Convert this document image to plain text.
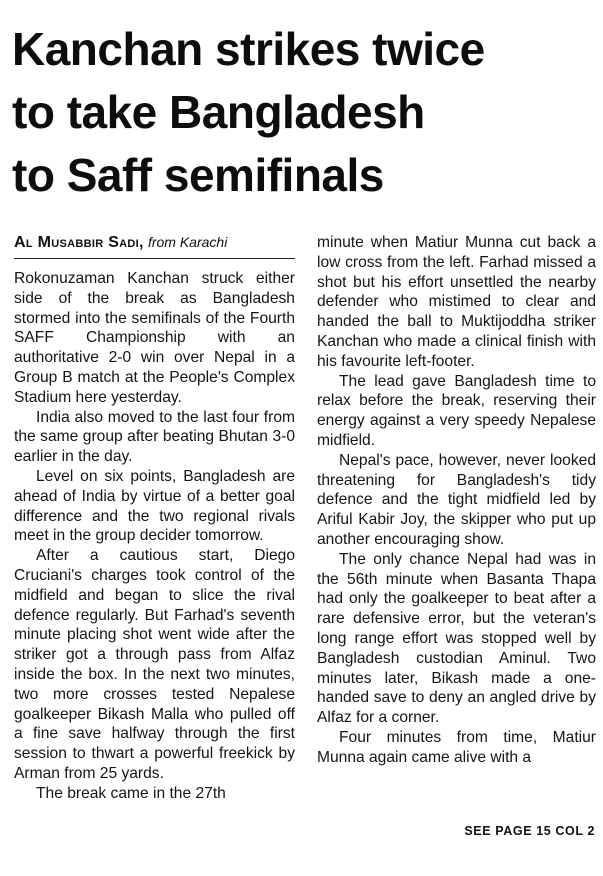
Kanchan strikes twice
to take Bangladesh
to Saff semifinals
Al Musabbir Sadi, from Karachi

Rokonuzaman Kanchan struck either side of the break as Bangladesh stormed into the semifinals of the Fourth SAFF Championship with an authoritative 2-0 win over Nepal in a Group B match at the People's Complex Stadium here yesterday.

India also moved to the last four from the same group after beating Bhutan 3-0 earlier in the day.

Level on six points, Bangladesh are ahead of India by virtue of a better goal difference and the two regional rivals meet in the group decider tomorrow.

After a cautious start, Diego Cruciani's charges took control of the midfield and began to slice the rival defence regularly. But Farhad's seventh minute placing shot went wide after the striker got a through pass from Alfaz inside the box. In the next two minutes, two more crosses tested Nepalese goalkeeper Bikash Malla who pulled off a fine save halfway through the first session to thwart a powerful freekick by Arman from 25 yards.

The break came in the 27th

minute when Matiur Munna cut back a low cross from the left. Farhad missed a shot but his effort unsettled the nearby defender who mistimed to clear and handed the ball to Muktijoddha striker Kanchan who made a clinical finish with his favourite left-footer.

The lead gave Bangladesh time to relax before the break, reserving their energy against a very speedy Nepalese midfield.

Nepal's pace, however, never looked threatening for Bangladesh's tidy defence and the tight midfield led by Ariful Kabir Joy, the skipper who put up another encouraging show.

The only chance Nepal had was in the 56th minute when Basanta Thapa had only the goalkeeper to beat after a rare defensive error, but the veteran's long range effort was stopped well by Bangladesh custodian Aminul. Two minutes later, Bikash made a one-handed save to deny an angled drive by Alfaz for a corner.

Four minutes from time, Matiur Munna again came alive with a

SEE PAGE 15 COL 2
